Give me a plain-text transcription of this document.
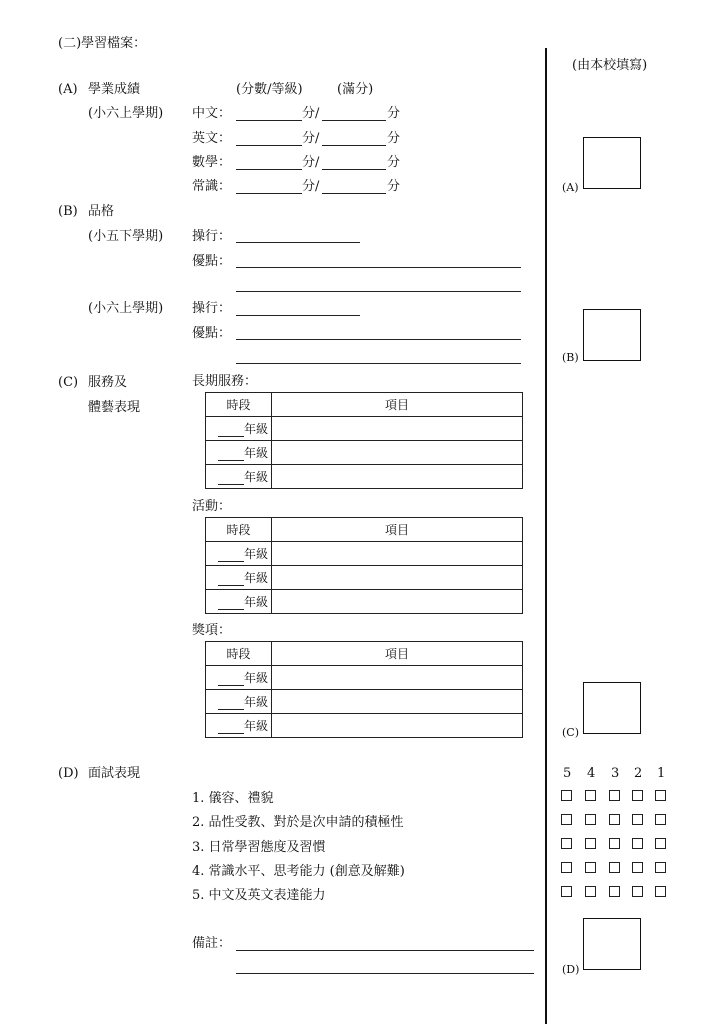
(二)學習檔案：
(由本校填寫)
(A) 學業成績	(分數/等級)	(滿分)
(小六上學期) 中文：	分/	分
英文：	分/	分
數學：	分/	分
常識：	分/	分
(B) 品格
(小五下學期) 操行：
優點：
(小六上學期) 操行：
優點：
(C) 服務及
體藝表現
長期服務：
時段	項目
年級	
年級	
年級	
活動：
時段	項目
年級	
年級	
年級	
獎項：
時段	項目
年級	
年級	
年級	
(D) 面試表現
1. 儀容、禮貌
2. 品性受教、對於是次申請的積極性
3. 日常學習態度及習慣
4. 常識水平、思考能力 (創意及解難)
5. 中文及英文表達能力
備註：
5 4 3 2 1
(A)
(B)
(C)
(D)
